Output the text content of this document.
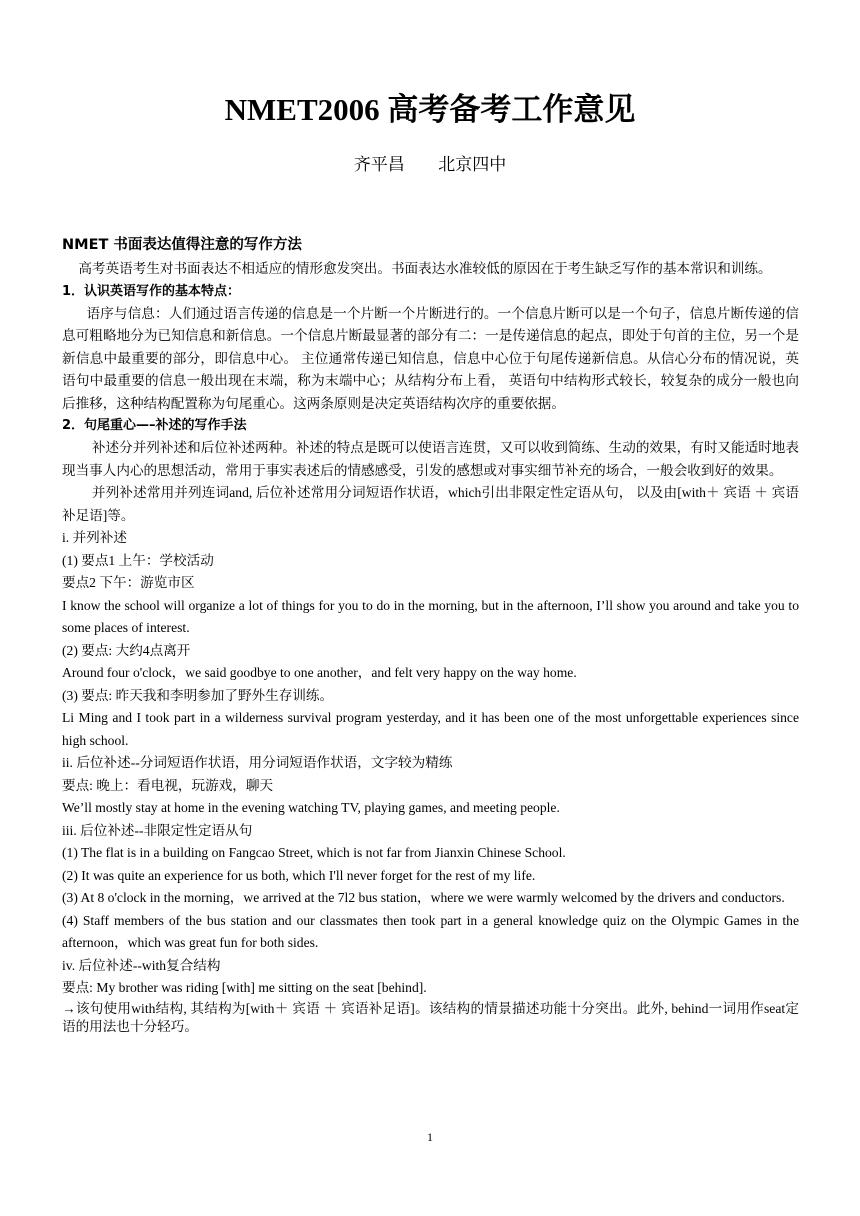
NMET2006 高考备考工作意见
齐平昌 北京四中

NMET 书面表达值得注意的写作方法

高考英语考生对书面表达不相适应的情形愈发突出。书面表达水准较低的原因在于考生缺乏写作的基本常识和训练。

1．认识英语写作的基本特点：

语序与信息：人们通过语言传递的信息是一个片断一个片断进行的。一个信息片断可以是一个句子，信息片断传递的信息可粗略地分为已知信息和新信息。一个信息片断最显著的部分有二：一是传递信息的起点，即处于句首的主位，另一个是新信息中最重要的部分，即信息中心。 主位通常传递已知信息，信息中心位于句尾传递新信息。从信心分布的情况说，英语句中最重要的信息一般出现在末端，称为末端中心；从结构分布上看， 英语句中结构形式较长，较复杂的成分一般也向后推移，这种结构配置称为句尾重心。这两条原则是决定英语结构次序的重要依据。

2．句尾重心—–补述的写作手法

补述分并列补述和后位补述两种。补述的特点是既可以使语言连贯，又可以收到简练、生动的效果，有时又能适时地表现当事人内心的思想活动，常用于事实表述后的情感感受，引发的感想或对事实细节补充的场合，一般会收到好的效果。

并列补述常用并列连词and, 后位补述常用分词短语作状语，which引出非限定性定语从句， 以及由[with＋ 宾语 ＋ 宾语补足语]等。

i. 并列补述

(1) 要点1 上午：学校活动

要点2 下午：游览市区

I know the school will organize a lot of things for you to do in the morning, but in the afternoon, I’ll show you around and take you to some places of interest.

(2) 要点: 大约4点离开

Around four o'clock，we said goodbye to one another，and felt very happy on the way home.

(3) 要点: 昨天我和李明参加了野外生存训练。

Li Ming and I took part in a wilderness survival program yesterday, and it has been one of the most unforgettable experiences since high school.

ii. 后位补述--分词短语作状语，用分词短语作状语，文字较为精练

要点: 晚上：看电视，玩游戏，聊天

We’ll mostly stay at home in the evening watching TV, playing games, and meeting people.

iii. 后位补述--非限定性定语从句

(1) The flat is in a building on Fangcao Street, which is not far from Jianxin Chinese School.

(2) It was quite an experience for us both, which I'll never forget for the rest of my life.

(3) At 8 o'clock in the morning，we arrived at the 7l2 bus station，where we were warmly welcomed by the drivers and conductors.

(4) Staff members of the bus station and our classmates then took part in a general knowledge quiz on the Olympic Games in the afternoon，which was great fun for both sides.

iv. 后位补述--with复合结构

要点: My brother was riding [with] me sitting on the seat [behind].

→该句使用with结构, 其结构为[with＋ 宾语 ＋ 宾语补足语]。该结构的情景描述功能十分突出。此外, behind一词用作seat定语的用法也十分轻巧。

1
